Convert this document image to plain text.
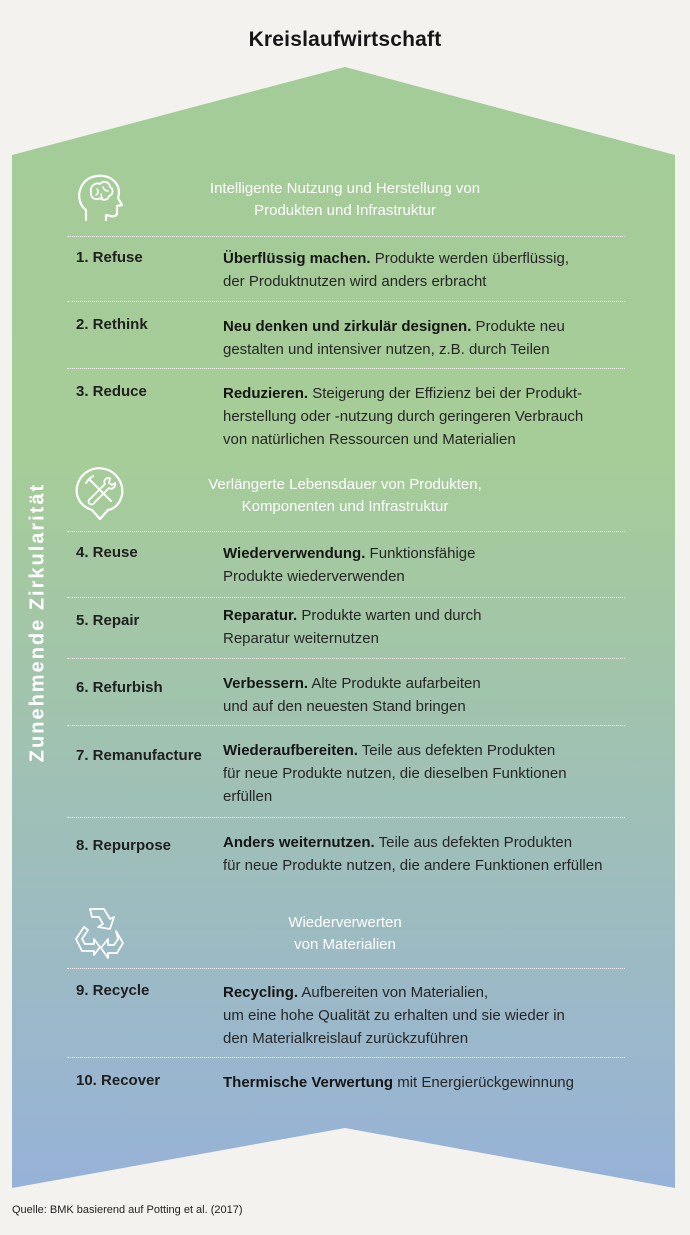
Kreislaufwirtschaft
Zunehmende Zirkularität
Intelligente Nutzung und Herstellung von
Produkten und Infrastruktur
Verlängerte Lebensdauer von Produkten,
Komponenten und Infrastruktur
Wiederverwerten
von Materialien
1. Refuse	Überflüssig machen. Produkte werden überflüssig,
der Produktnutzen wird anders erbracht
2. Rethink	Neu denken und zirkulär designen. Produkte neu
gestalten und intensiver nutzen, z.B. durch Teilen
3. Reduce	Reduzieren. Steigerung der Effizienz bei der Produkt-
herstellung oder -nutzung durch geringeren Verbrauch
von natürlichen Ressourcen und Materialien
4. Reuse	Wiederverwendung. Funktionsfähige
Produkte wiederverwenden
5. Repair	Reparatur. Produkte warten und durch
Reparatur weiternutzen
6. Refurbish	Verbessern. Alte Produkte aufarbeiten
und auf den neuesten Stand bringen
7. Remanufacture Wiederaufbereiten. Teile aus defekten Produkten
für neue Produkte nutzen, die dieselben Funktionen
erfüllen
8. Repurpose	Anders weiternutzen. Teile aus defekten Produkten
für neue Produkte nutzen, die andere Funktionen erfüllen
9. Recycle	Recycling. Aufbereiten von Materialien,
um eine hohe Qualität zu erhalten und sie wieder in
den Materialkreislauf zurückzuführen
10. Recover	Thermische Verwertung mit Energierückgewinnung
Quelle: BMK basierend auf Potting et al. (2017)
